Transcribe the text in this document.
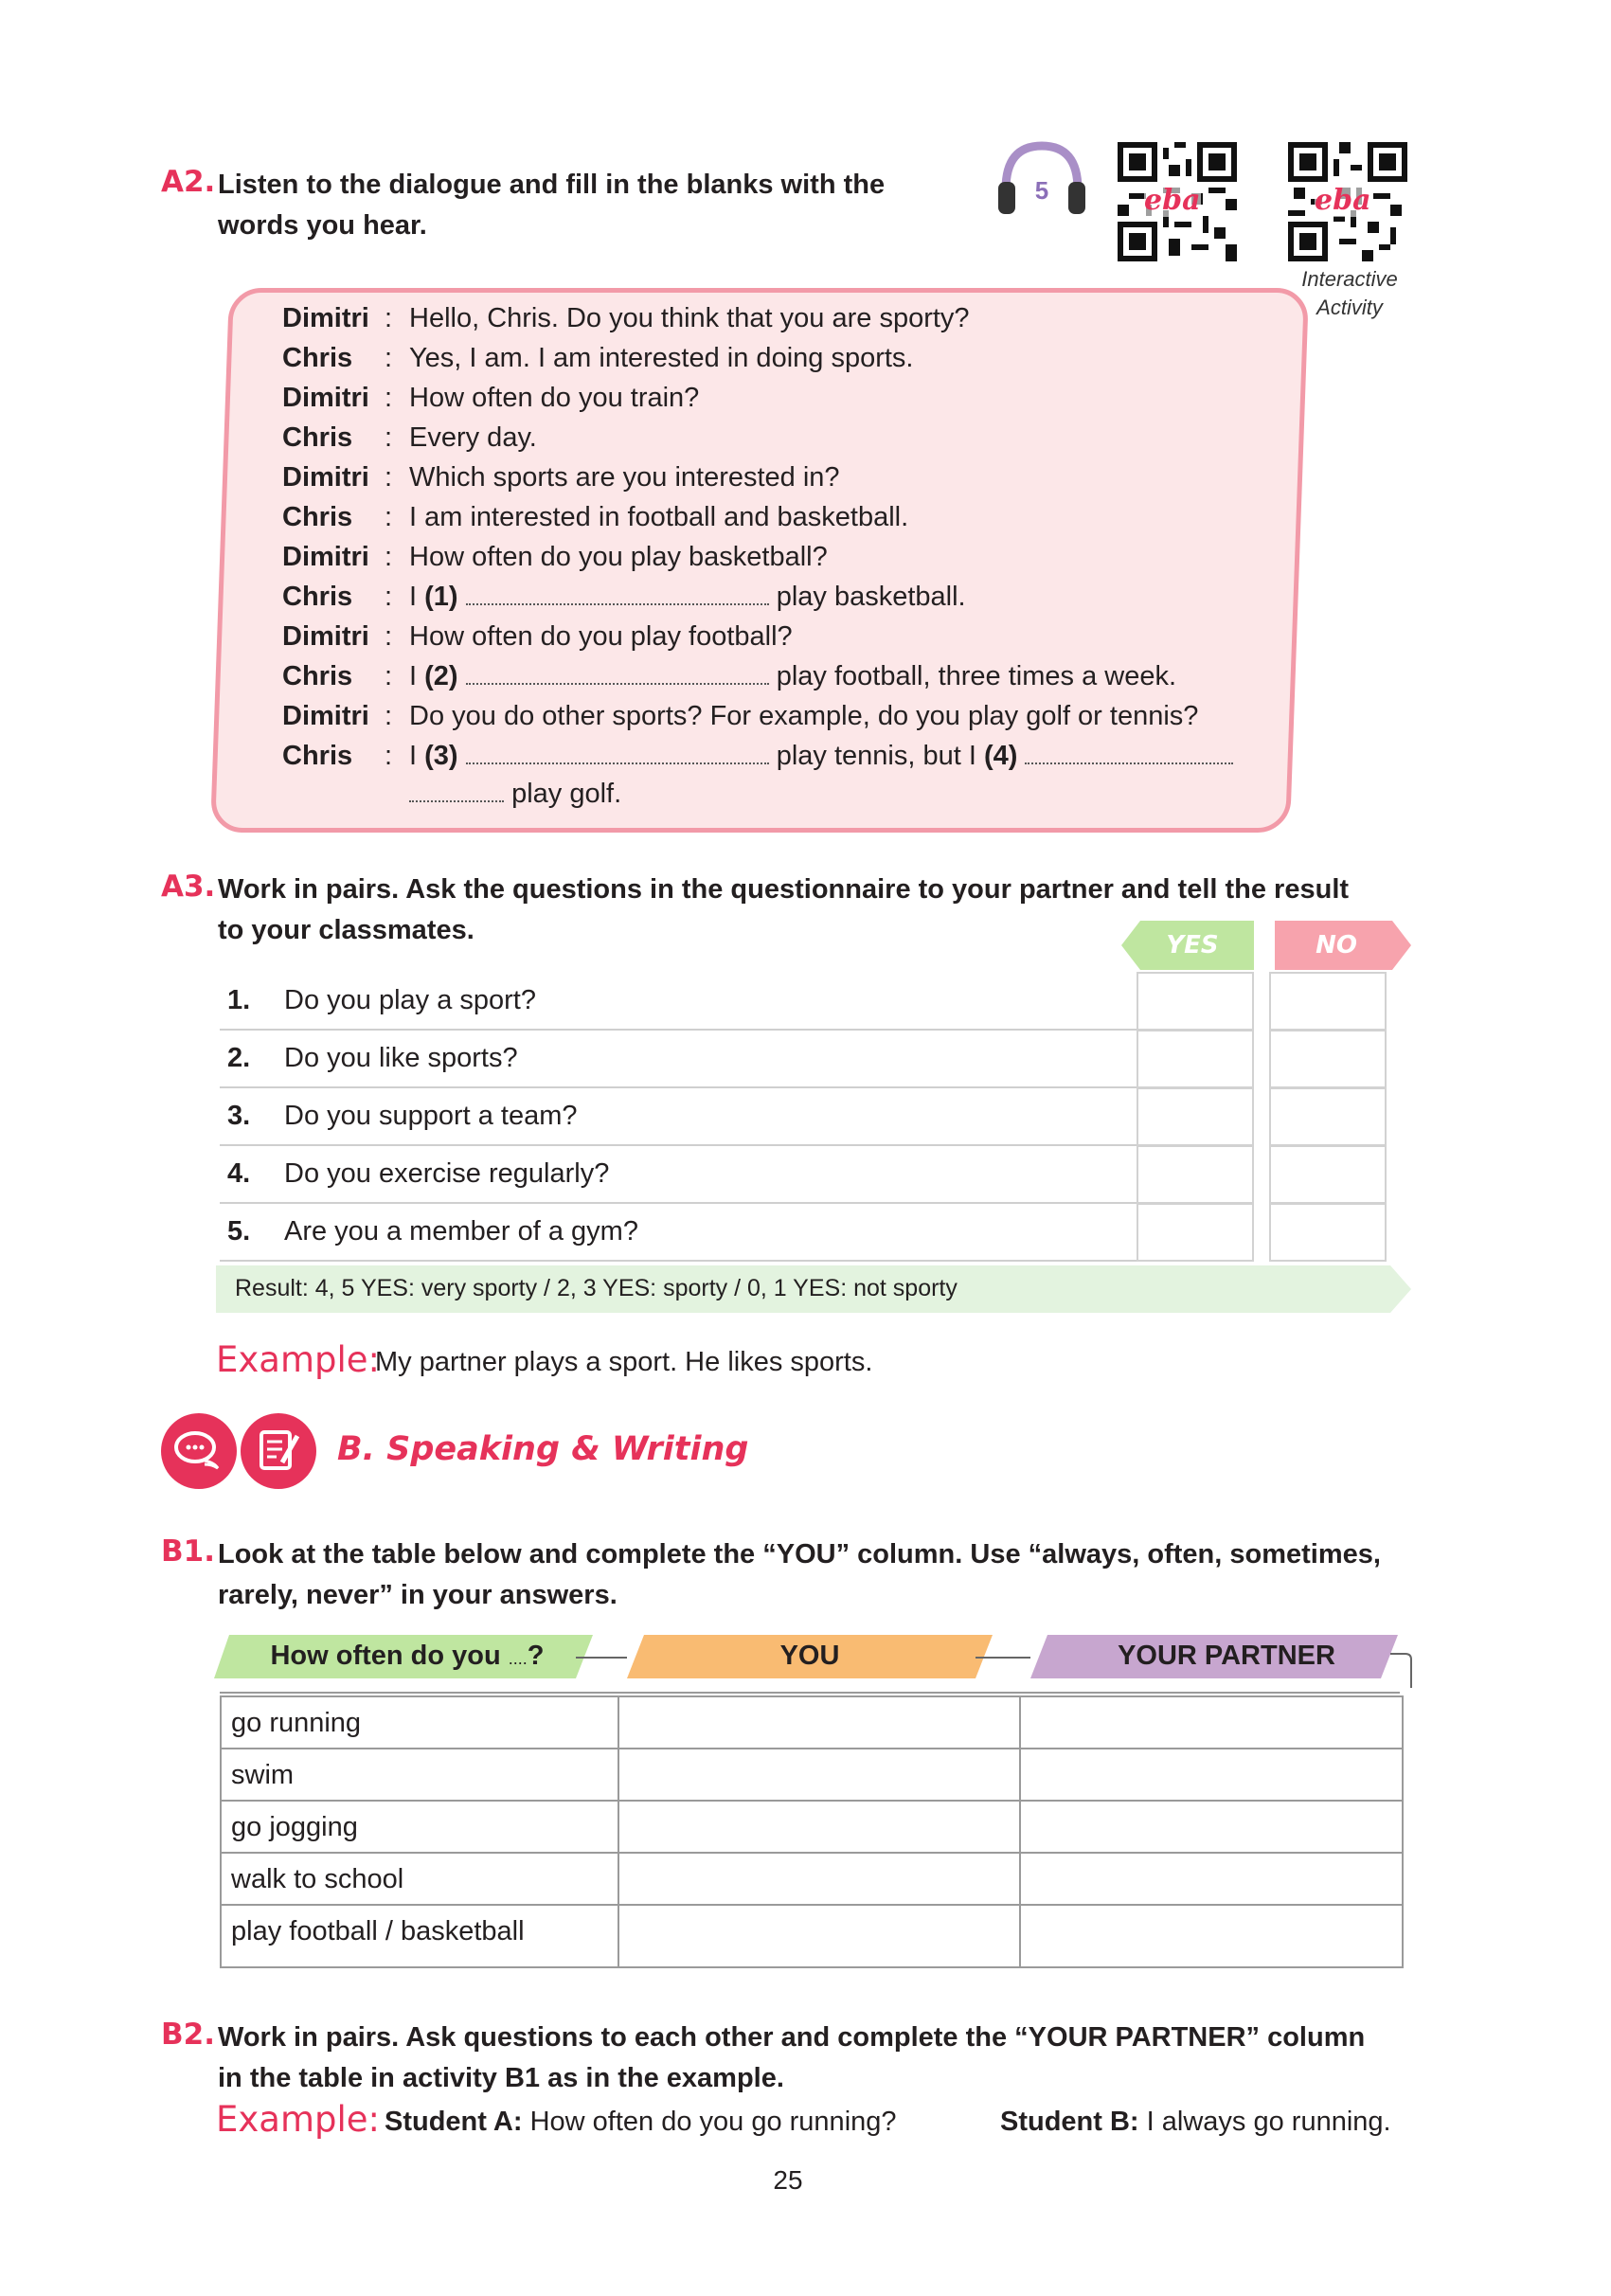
A2. Listen to the dialogue and fill in the blanks with the
words you hear.
5	eba	eba
Interactive
Activity
Dimitri : Hello, Chris. Do you think that you are sporty?
Chris : Yes, I am. I am interested in doing sports.
Dimitri : How often do you train?
Chris : Every day.
Dimitri : Which sports are you interested in?
Chris : I am interested in football and basketball.
Dimitri : How often do you play basketball?
Chris : I (1)	play basketball.
Dimitri : How often do you play football?
Chris : I (2)	play football, three times a week.
Dimitri : Do you do other sports? For example, do you play golf or tennis?
Chris : I (3)	play tennis, but I (4)
play golf.
A3. Work in pairs. Ask the questions in the questionnaire to your partner and tell the result
to your classmates.	YES	NO
1. Do you play a sport?
2. Do you like sports?
3. Do you support a team?
4. Do you exercise regularly?
5. Are you a member of a gym?
Result: 4, 5 YES: very sporty / 2, 3 YES: sporty / 0, 1 YES: not sporty
Example:
My partner plays a sport. He likes sports.
B. Speaking & Writing
B1. Look at the table below and complete the “YOU” column. Use “always, often, sometimes,
rarely, never” in your answers.
How often do you ....?	YOU	YOUR PARTNER
go running
swim
go jogging
walk to school
play football / basketball
B2. Work in pairs. Ask questions to each other and complete the “YOUR PARTNER” column
in the table in activity B1 as in the example.
Example: Student A: How often do you go running?	Student B: I always go running.
25
